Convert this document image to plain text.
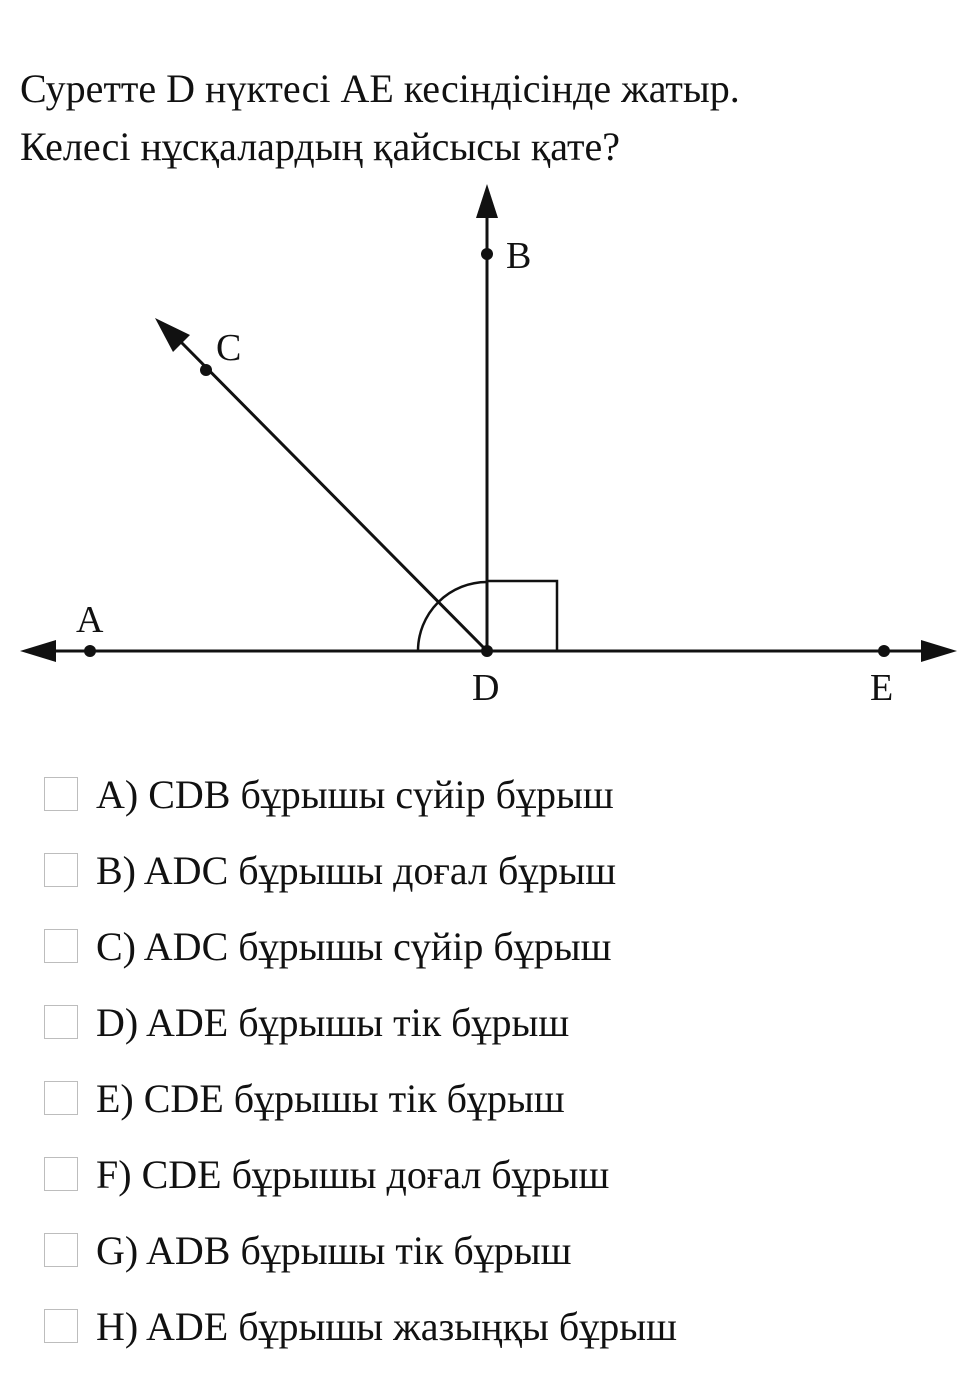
Суретте D нүктесі AE кесіндісінде жатыр.
Келесі нұсқалардың қайсысы қате?
A
B
C
D	E
A) CDB бұрышы сүйір бұрыш
B) ADC бұрышы доғал бұрыш
C) ADC бұрышы сүйір бұрыш
D) ADE бұрышы тік бұрыш
E) CDE бұрышы тік бұрыш
F) CDE бұрышы доғал бұрыш
G) ADB бұрышы тік бұрыш
H) ADE бұрышы жазыңқы бұрыш
